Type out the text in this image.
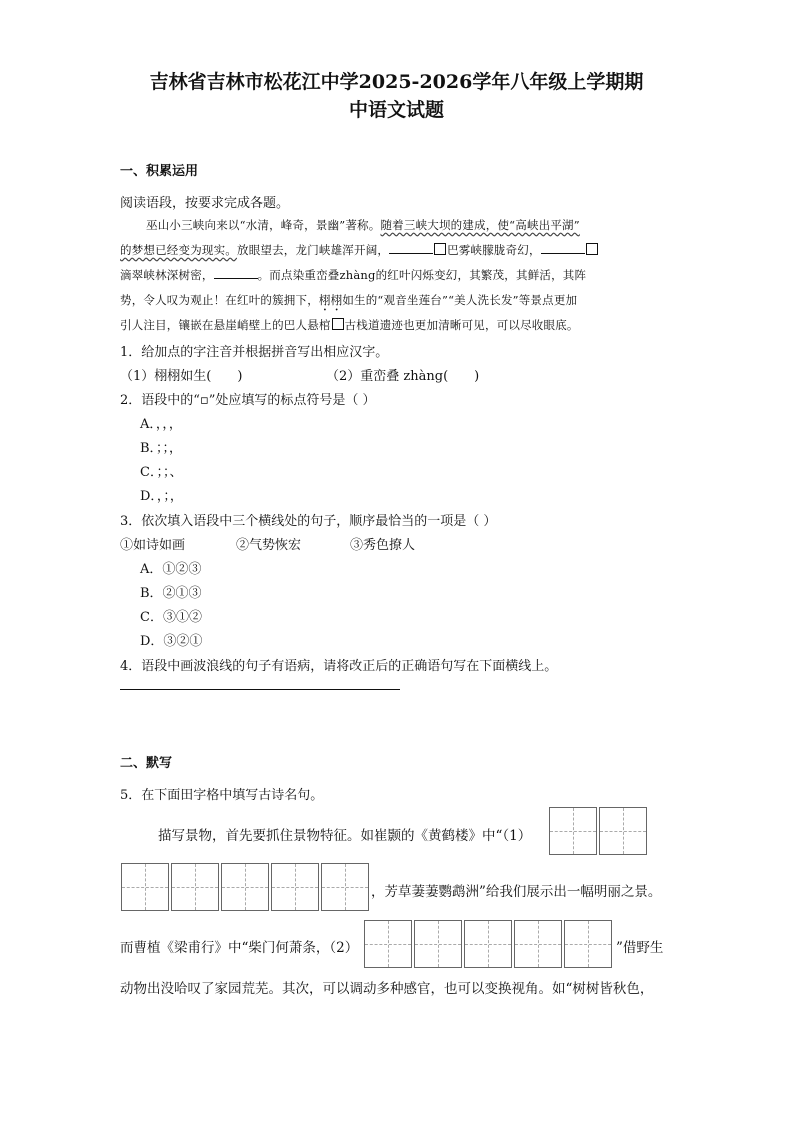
吉林省吉林市松花江中学2025-2026学年八年级上学期期
中语文试题
一、积累运用
阅读语段，按要求完成各题。
巫山小三峡向来以“水清，峰奇，景幽”著称。随着三峡大坝的建成，使“高峡出平湖”
的梦想已经变为现实。放眼望去，龙门峡雄浑开阔，	巴雾峡朦胧奇幻，
滴翠峡林深树密，	。而点染重峦叠zhàng的红叶闪烁变幻，其繁茂，其鲜活，其阵
势，令人叹为观止！在红叶的簇拥下，栩栩如生的“观音坐莲台”“美人洗长发”等景点更加
引人注目，镶嵌在悬崖峭壁上的巴人悬棺 古栈道遗迹也更加清晰可见，可以尽收眼底。
1．给加点的字注音并根据拼音写出相应汉字。
（1）栩栩如生(　　)	（2）重峦叠 zhàng(　　)
2．语段中的“▫”处应填写的标点符号是（ ）
A．，，，
B．；；，
C．；；、
D．，；，
3．依次填入语段中三个横线处的句子，顺序最恰当的一项是（ ）
①如诗如画	②气势恢宏	③秀色撩人
A．①②③
B．②①③
C．③①②
D．③②①
4．语段中画波浪线的句子有语病，请将改正后的正确语句写在下面横线上。
二、默写
5．在下面田字格中填写古诗名句。
描写景物，首先要抓住景物特征。如崔颢的《黄鹤楼》中“（1）
，芳草萋萋鹦鹉洲”给我们展示出一幅明丽之景。
而曹植《梁甫行》中“柴门何萧条，（2）	”借野生
动物出没哈叹了家园荒芜。其次，可以调动多种感官，也可以变换视角。如“树树皆秋色，
